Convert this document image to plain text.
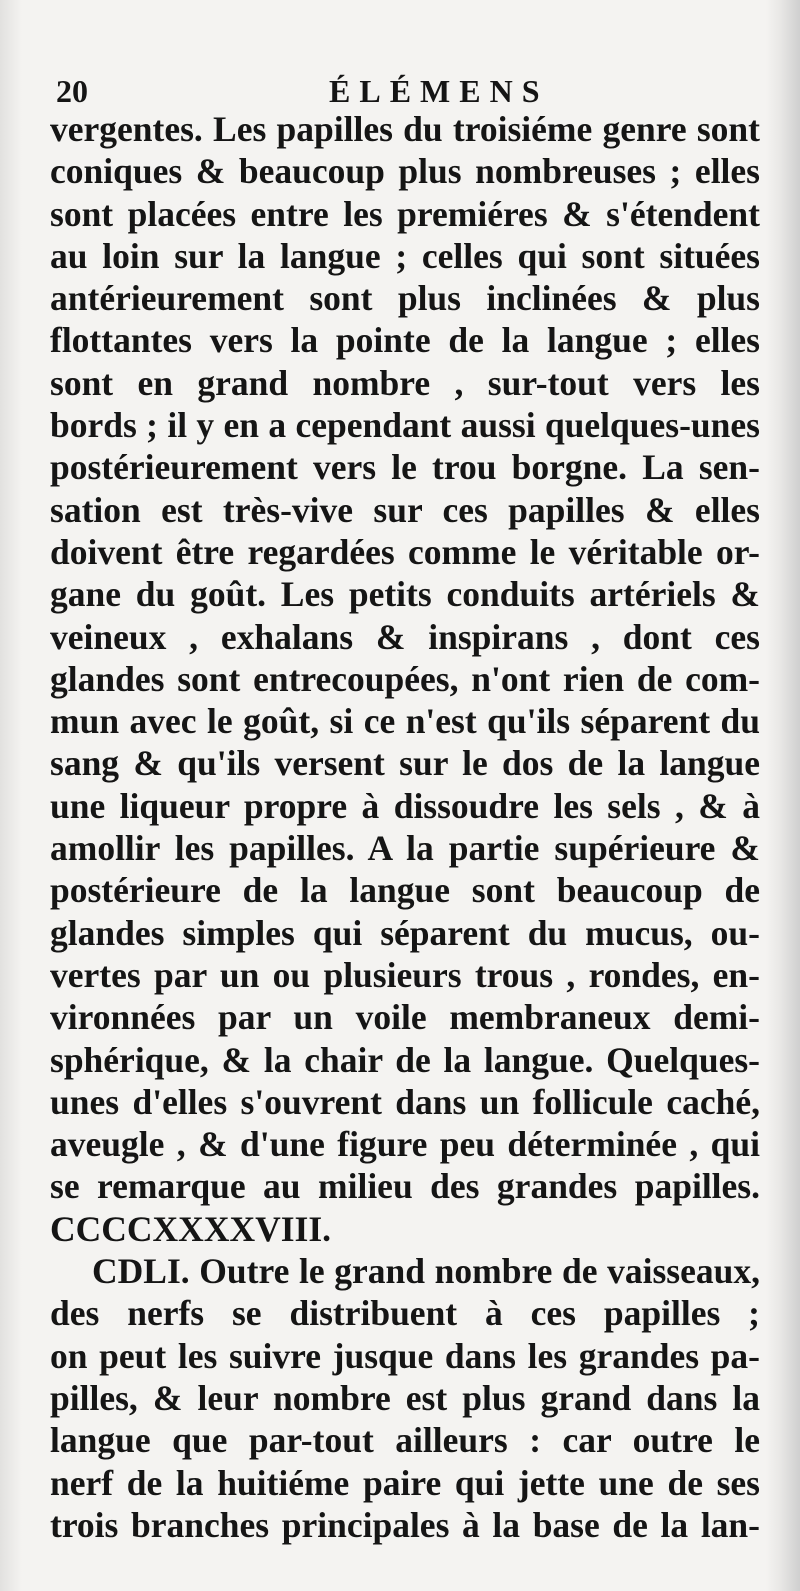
20	ÉLÉMENS
vergentes. Les papilles du troisiéme genre sont
coniques & beaucoup plus nombreuses ; elles
sont placées entre les premiéres & s'étendent
au loin sur la langue ; celles qui sont situées
antérieurement sont plus inclinées & plus
flottantes vers la pointe de la langue ; elles
sont en grand nombre , sur-tout vers les
bords ; il y en a cependant aussi quelques-unes
postérieurement vers le trou borgne. La sen-
sation est très-vive sur ces papilles & elles
doivent être regardées comme le véritable or-
gane du goût. Les petits conduits artériels &
veineux , exhalans & inspirans , dont ces
glandes sont entrecoupées, n'ont rien de com-
mun avec le goût, si ce n'est qu'ils séparent du
sang & qu'ils versent sur le dos de la langue
une liqueur propre à dissoudre les sels , & à
amollir les papilles. A la partie supérieure &
postérieure de la langue sont beaucoup de
glandes simples qui séparent du mucus, ou-
vertes par un ou plusieurs trous , rondes, en-
vironnées par un voile membraneux demi-
sphérique, & la chair de la langue. Quelques-
unes d'elles s'ouvrent dans un follicule caché,
aveugle , & d'une figure peu déterminée , qui
se remarque au milieu des grandes papilles.
CCCCXXXXVIII.
CDLI. Outre le grand nombre de vaisseaux,
des nerfs se distribuent à ces papilles ;
on peut les suivre jusque dans les grandes pa-
pilles, & leur nombre est plus grand dans la
langue que par-tout ailleurs : car outre le
nerf de la huitiéme paire qui jette une de ses
trois branches principales à la base de la lan-
